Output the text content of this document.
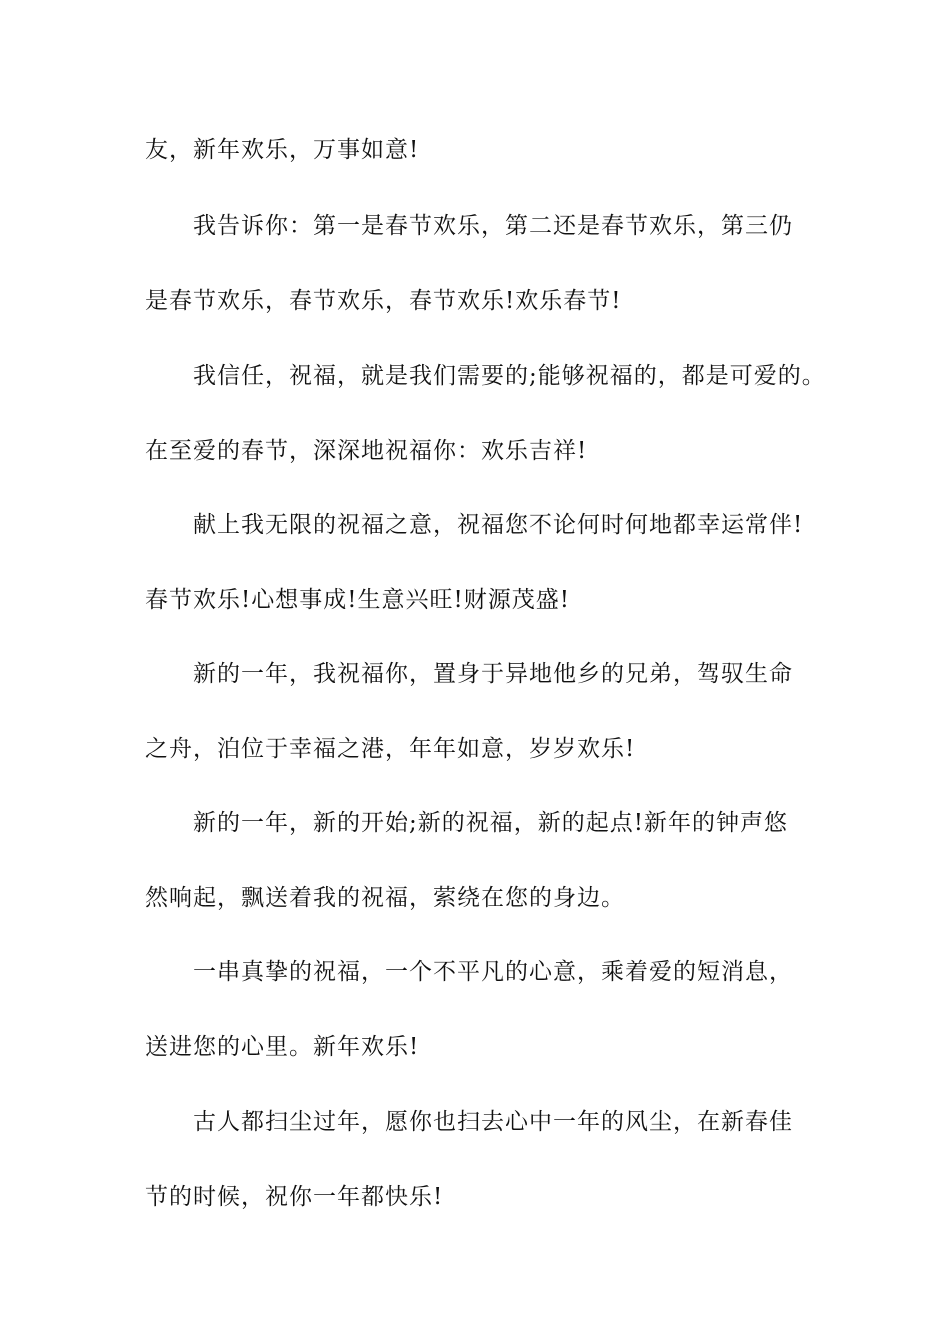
友，新年欢乐，万事如意!
我告诉你：第一是春节欢乐，第二还是春节欢乐，第三仍
是春节欢乐，春节欢乐，春节欢乐!欢乐春节!
我信任，祝福，就是我们需要的;能够祝福的，都是可爱的。
在至爱的春节，深深地祝福你：欢乐吉祥!
献上我无限的祝福之意，祝福您不论何时何地都幸运常伴!
春节欢乐!心想事成!生意兴旺!财源茂盛!
新的一年，我祝福你，置身于异地他乡的兄弟，驾驭生命
之舟，泊位于幸福之港，年年如意，岁岁欢乐!
新的一年，新的开始;新的祝福，新的起点!新年的钟声悠
然响起，飘送着我的祝福，萦绕在您的身边。
一串真挚的祝福，一个不平凡的心意，乘着爱的短消息，
送进您的心里。新年欢乐!
古人都扫尘过年，愿你也扫去心中一年的风尘，在新春佳
节的时候，祝你一年都快乐!
